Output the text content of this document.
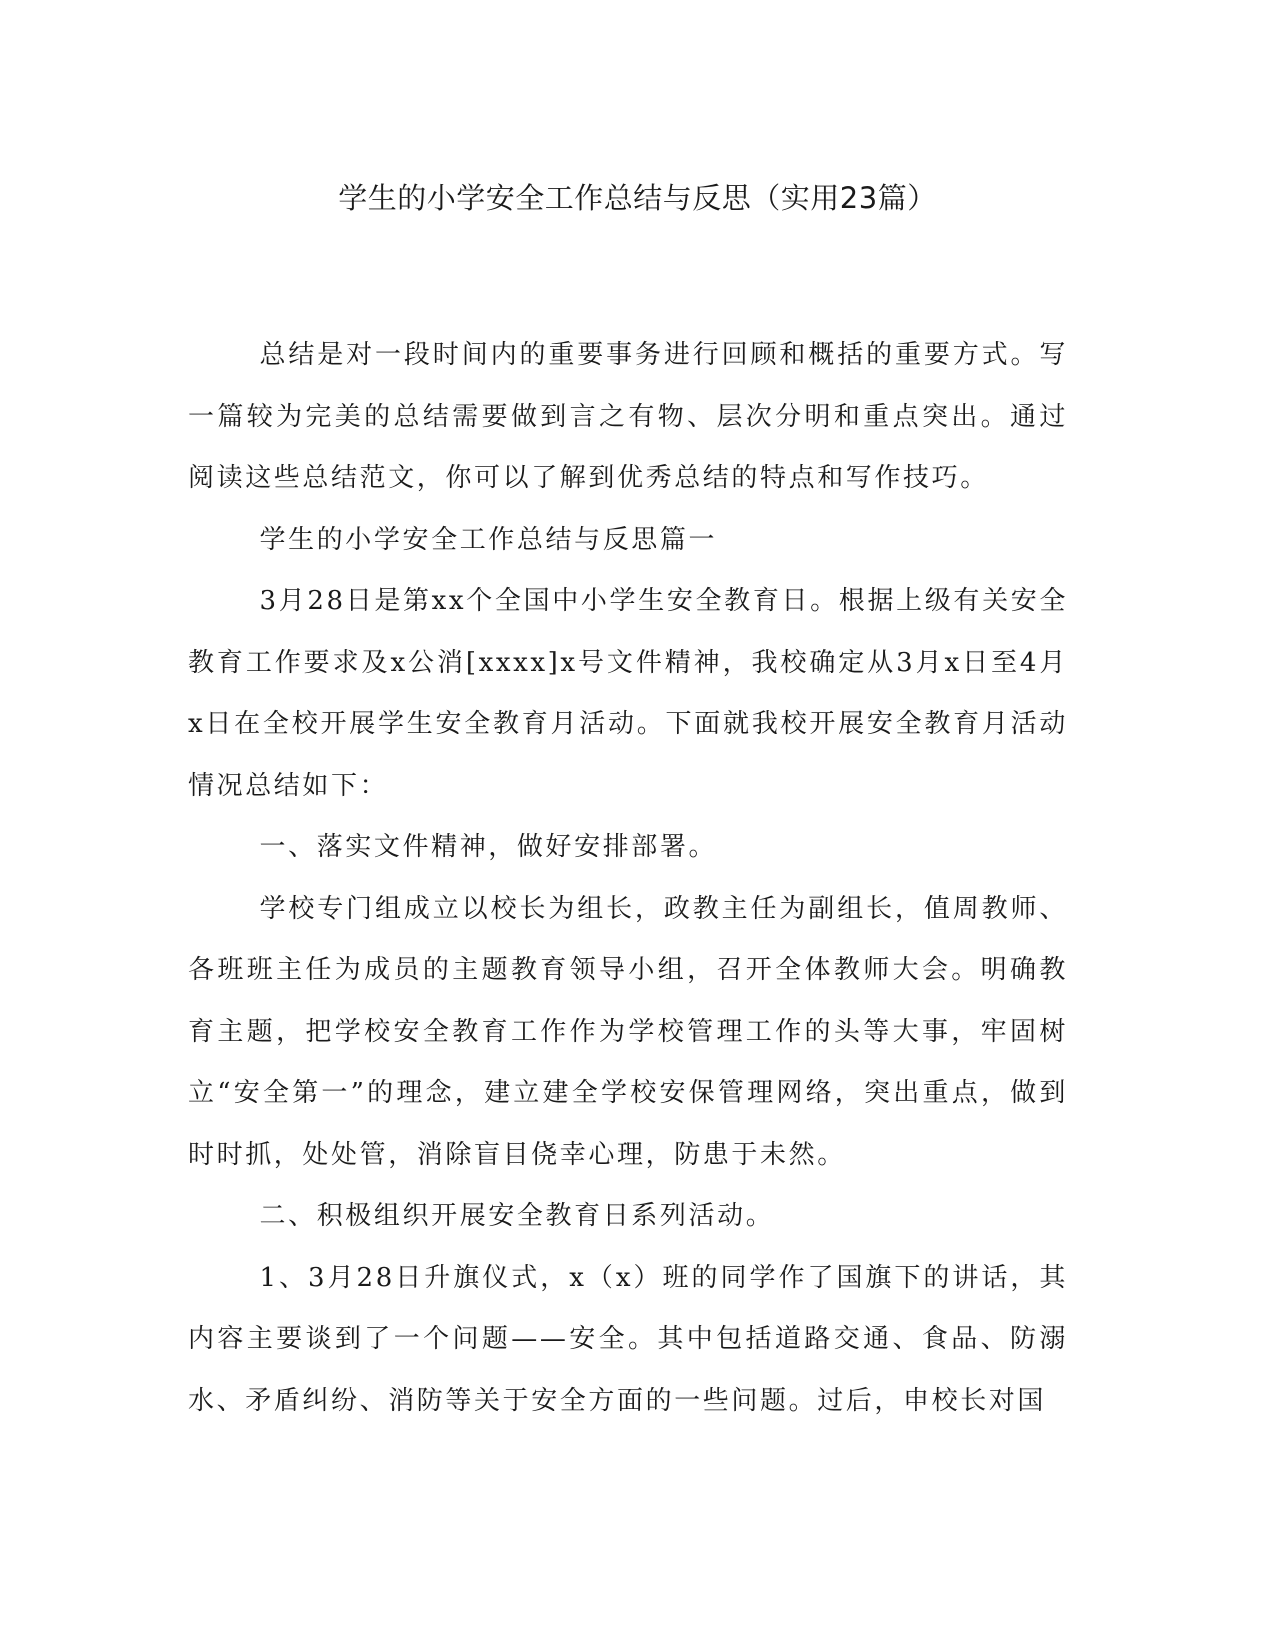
学生的小学安全工作总结与反思（实用23篇）

总结是对一段时间内的重要事务进行回顾和概括的重要方式。写一篇较为完美的总结需要做到言之有物、层次分明和重点突出。通过阅读这些总结范文，你可以了解到优秀总结的特点和写作技巧。

学生的小学安全工作总结与反思篇一

3月28日是第xx个全国中小学生安全教育日。根据上级有关安全教育工作要求及x公消[xxxx]x号文件精神，我校确定从3月x日至4月x日在全校开展学生安全教育月活动。下面就我校开展安全教育月活动情况总结如下：

一、落实文件精神，做好安排部署。

学校专门组成立以校长为组长，政教主任为副组长，值周教师、各班班主任为成员的主题教育领导小组，召开全体教师大会。明确教育主题，把学校安全教育工作作为学校管理工作的头等大事，牢固树立“安全第一”的理念，建立建全学校安保管理网络，突出重点，做到时时抓，处处管，消除盲目侥幸心理，防患于未然。

二、积极组织开展安全教育日系列活动。

1、3月28日升旗仪式，x（x）班的同学作了国旗下的讲话，其内容主要谈到了一个问题——安全。其中包括道路交通、食品、防溺水、矛盾纠纷、消防等关于安全方面的一些问题。过后，申校长对国
